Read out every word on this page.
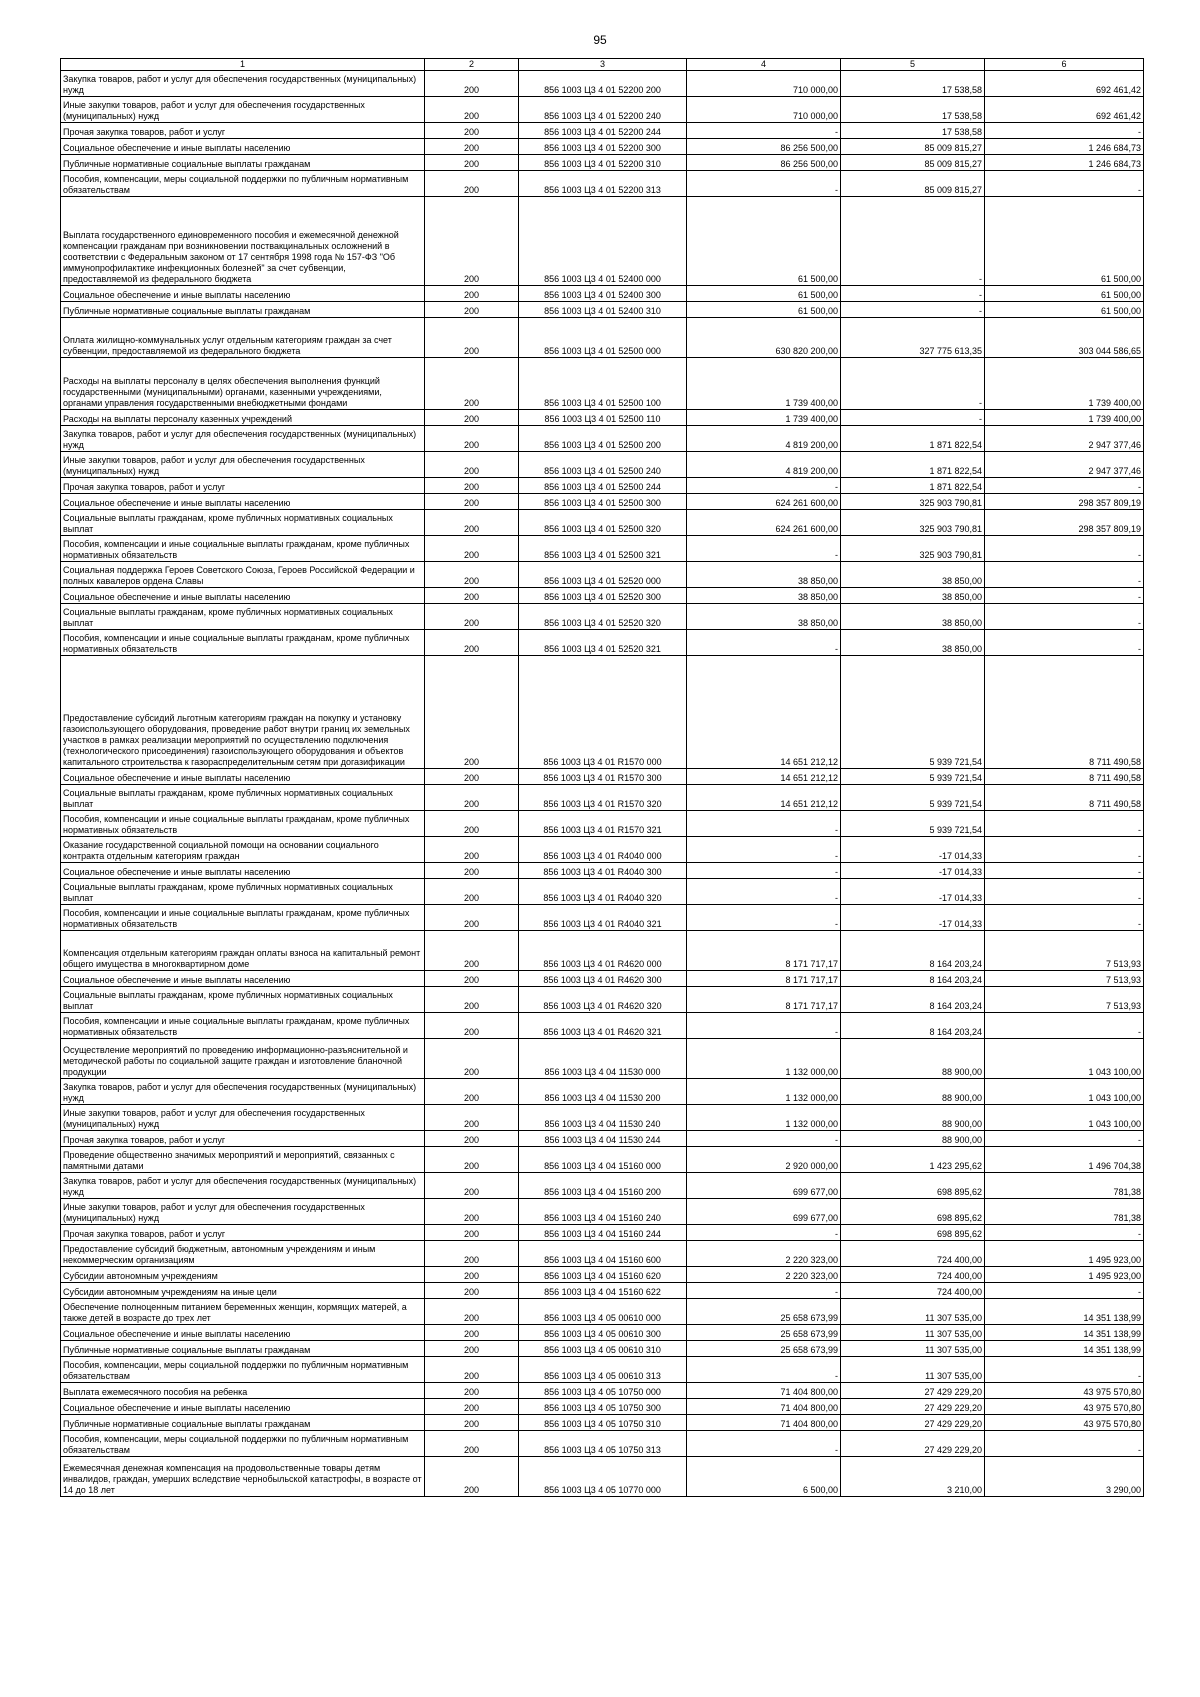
95
1	2	3	4	5	6
Закупка товаров, работ и услуг для обеспечения государственных (муниципальных) нужд	200	856 1003 Ц3 4 01 52200 200	710 000,00	17 538,58	692 461,42
Иные закупки товаров, работ и услуг для обеспечения государственных (муниципальных) нужд	200	856 1003 Ц3 4 01 52200 240	710 000,00	17 538,58	692 461,42
Прочая закупка товаров, работ и услуг	200	856 1003 Ц3 4 01 52200 244	-	17 538,58	-
Социальное обеспечение и иные выплаты населению	200	856 1003 Ц3 4 01 52200 300	86 256 500,00	85 009 815,27	1 246 684,73
Публичные нормативные социальные выплаты гражданам	200	856 1003 Ц3 4 01 52200 310	86 256 500,00	85 009 815,27	1 246 684,73
Пособия, компенсации, меры социальной поддержки по публичным нормативным обязательствам	200	856 1003 Ц3 4 01 52200 313	-	85 009 815,27	-
Выплата государственного единовременного пособия и ежемесячной денежной компенсации гражданам при возникновении поствакцинальных осложнений в соответствии с Федеральным законом от 17 сентября 1998 года № 157-ФЗ "Об иммунопрофилактике инфекционных болезней" за счет субвенции, предоставляемой из федерального бюджета	200	856 1003 Ц3 4 01 52400 000	61 500,00	-	61 500,00
Социальное обеспечение и иные выплаты населению	200	856 1003 Ц3 4 01 52400 300	61 500,00	-	61 500,00
Публичные нормативные социальные выплаты гражданам	200	856 1003 Ц3 4 01 52400 310	61 500,00	-	61 500,00
Оплата жилищно-коммунальных услуг отдельным категориям граждан за счет субвенции, предоставляемой из федерального бюджета	200	856 1003 Ц3 4 01 52500 000	630 820 200,00	327 775 613,35	303 044 586,65
Расходы на выплаты персоналу в целях обеспечения выполнения функций государственными (муниципальными) органами, казенными учреждениями, органами управления государственными внебюджетными фондами	200	856 1003 Ц3 4 01 52500 100	1 739 400,00	-	1 739 400,00
Расходы на выплаты персоналу казенных учреждений	200	856 1003 Ц3 4 01 52500 110	1 739 400,00	-	1 739 400,00
Закупка товаров, работ и услуг для обеспечения государственных (муниципальных) нужд	200	856 1003 Ц3 4 01 52500 200	4 819 200,00	1 871 822,54	2 947 377,46
Иные закупки товаров, работ и услуг для обеспечения государственных (муниципальных) нужд	200	856 1003 Ц3 4 01 52500 240	4 819 200,00	1 871 822,54	2 947 377,46
Прочая закупка товаров, работ и услуг	200	856 1003 Ц3 4 01 52500 244	-	1 871 822,54	-
Социальное обеспечение и иные выплаты населению	200	856 1003 Ц3 4 01 52500 300	624 261 600,00	325 903 790,81	298 357 809,19
Социальные выплаты гражданам, кроме публичных нормативных социальных выплат	200	856 1003 Ц3 4 01 52500 320	624 261 600,00	325 903 790,81	298 357 809,19
Пособия, компенсации и иные социальные выплаты гражданам, кроме публичных нормативных обязательств	200	856 1003 Ц3 4 01 52500 321	-	325 903 790,81	-
Социальная поддержка Героев Советского Союза, Героев Российской Федерации и полных кавалеров ордена Славы	200	856 1003 Ц3 4 01 52520 000	38 850,00	38 850,00	-
Социальное обеспечение и иные выплаты населению	200	856 1003 Ц3 4 01 52520 300	38 850,00	38 850,00	-
Социальные выплаты гражданам, кроме публичных нормативных социальных выплат	200	856 1003 Ц3 4 01 52520 320	38 850,00	38 850,00	-
Пособия, компенсации и иные социальные выплаты гражданам, кроме публичных нормативных обязательств	200	856 1003 Ц3 4 01 52520 321	-	38 850,00	-
Предоставление субсидий льготным категориям граждан на покупку и установку газоиспользующего оборудования, проведение работ внутри границ их земельных участков в рамках реализации мероприятий по осуществлению подключения (технологического присоединения) газоиспользующего оборудования и объектов капитального строительства к газораспределительным сетям при догазификации	200	856 1003 Ц3 4 01 R1570 000	14 651 212,12	5 939 721,54	8 711 490,58
Социальное обеспечение и иные выплаты населению	200	856 1003 Ц3 4 01 R1570 300	14 651 212,12	5 939 721,54	8 711 490,58
Социальные выплаты гражданам, кроме публичных нормативных социальных выплат	200	856 1003 Ц3 4 01 R1570 320	14 651 212,12	5 939 721,54	8 711 490,58
Пособия, компенсации и иные социальные выплаты гражданам, кроме публичных нормативных обязательств	200	856 1003 Ц3 4 01 R1570 321	-	5 939 721,54	-
Оказание государственной социальной помощи на основании социального контракта отдельным категориям граждан	200	856 1003 Ц3 4 01 R4040 000	-	-17 014,33	-
Социальное обеспечение и иные выплаты населению	200	856 1003 Ц3 4 01 R4040 300	-	-17 014,33	-
Социальные выплаты гражданам, кроме публичных нормативных социальных выплат	200	856 1003 Ц3 4 01 R4040 320	-	-17 014,33	-
Пособия, компенсации и иные социальные выплаты гражданам, кроме публичных нормативных обязательств	200	856 1003 Ц3 4 01 R4040 321	-	-17 014,33	-
Компенсация отдельным категориям граждан оплаты взноса на капитальный ремонт общего имущества в многоквартирном доме	200	856 1003 Ц3 4 01 R4620 000	8 171 717,17	8 164 203,24	7 513,93
Социальное обеспечение и иные выплаты населению	200	856 1003 Ц3 4 01 R4620 300	8 171 717,17	8 164 203,24	7 513,93
Социальные выплаты гражданам, кроме публичных нормативных социальных выплат	200	856 1003 Ц3 4 01 R4620 320	8 171 717,17	8 164 203,24	7 513,93
Пособия, компенсации и иные социальные выплаты гражданам, кроме публичных нормативных обязательств	200	856 1003 Ц3 4 01 R4620 321	-	8 164 203,24	-
Осуществление мероприятий по проведению информационно-разъяснительной и методической работы по социальной защите граждан и изготовление бланочной продукции	200	856 1003 Ц3 4 04 11530 000	1 132 000,00	88 900,00	1 043 100,00
Закупка товаров, работ и услуг для обеспечения государственных (муниципальных) нужд	200	856 1003 Ц3 4 04 11530 200	1 132 000,00	88 900,00	1 043 100,00
Иные закупки товаров, работ и услуг для обеспечения государственных (муниципальных) нужд	200	856 1003 Ц3 4 04 11530 240	1 132 000,00	88 900,00	1 043 100,00
Прочая закупка товаров, работ и услуг	200	856 1003 Ц3 4 04 11530 244	-	88 900,00	-
Проведение общественно значимых мероприятий и мероприятий, связанных с памятными датами	200	856 1003 Ц3 4 04 15160 000	2 920 000,00	1 423 295,62	1 496 704,38
Закупка товаров, работ и услуг для обеспечения государственных (муниципальных) нужд	200	856 1003 Ц3 4 04 15160 200	699 677,00	698 895,62	781,38
Иные закупки товаров, работ и услуг для обеспечения государственных (муниципальных) нужд	200	856 1003 Ц3 4 04 15160 240	699 677,00	698 895,62	781,38
Прочая закупка товаров, работ и услуг	200	856 1003 Ц3 4 04 15160 244	-	698 895,62	-
Предоставление субсидий бюджетным, автономным учреждениям и иным некоммерческим организациям	200	856 1003 Ц3 4 04 15160 600	2 220 323,00	724 400,00	1 495 923,00
Субсидии автономным учреждениям	200	856 1003 Ц3 4 04 15160 620	2 220 323,00	724 400,00	1 495 923,00
Субсидии автономным учреждениям на иные цели	200	856 1003 Ц3 4 04 15160 622	-	724 400,00	-
Обеспечение полноценным питанием беременных женщин, кормящих матерей, а также детей в возрасте до трех лет	200	856 1003 Ц3 4 05 00610 000	25 658 673,99	11 307 535,00	14 351 138,99
Социальное обеспечение и иные выплаты населению	200	856 1003 Ц3 4 05 00610 300	25 658 673,99	11 307 535,00	14 351 138,99
Публичные нормативные социальные выплаты гражданам	200	856 1003 Ц3 4 05 00610 310	25 658 673,99	11 307 535,00	14 351 138,99
Пособия, компенсации, меры социальной поддержки по публичным нормативным обязательствам	200	856 1003 Ц3 4 05 00610 313	-	11 307 535,00	-
Выплата ежемесячного пособия на ребенка	200	856 1003 Ц3 4 05 10750 000	71 404 800,00	27 429 229,20	43 975 570,80
Социальное обеспечение и иные выплаты населению	200	856 1003 Ц3 4 05 10750 300	71 404 800,00	27 429 229,20	43 975 570,80
Публичные нормативные социальные выплаты гражданам	200	856 1003 Ц3 4 05 10750 310	71 404 800,00	27 429 229,20	43 975 570,80
Пособия, компенсации, меры социальной поддержки по публичным нормативным обязательствам	200	856 1003 Ц3 4 05 10750 313	-	27 429 229,20	-
Ежемесячная денежная компенсация на продовольственные товары детям инвалидов, граждан, умерших вследствие чернобыльской катастрофы, в возрасте от 14 до 18 лет	200	856 1003 Ц3 4 05 10770 000	6 500,00	3 210,00	3 290,00
